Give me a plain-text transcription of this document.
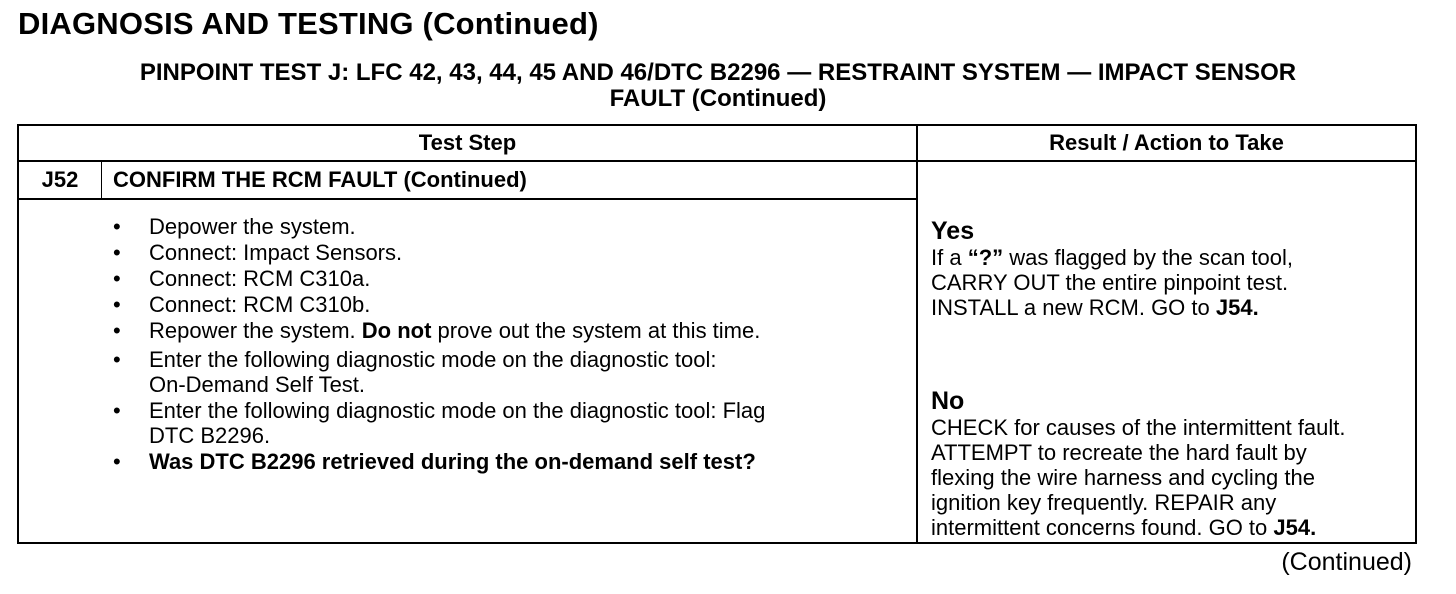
DIAGNOSIS AND TESTING (Continued)
PINPOINT TEST J: LFC 42, 43, 44, 45 AND 46/DTC B2296 — RESTRAINT SYSTEM — IMPACT SENSOR
FAULT (Continued)
Test Step	Result / Action to Take
J52	CONFIRM THE RCM FAULT (Continued)
• Depower the system.
• Connect: Impact Sensors.
• Connect: RCM C310a.
• Connect: RCM C310b.
• Repower the system. Do not prove out the system at this time.
• Enter the following diagnostic mode on the diagnostic tool:
On-Demand Self Test.
• Enter the following diagnostic mode on the diagnostic tool: Flag
DTC B2296.
• Was DTC B2296 retrieved during the on-demand self test?
Yes
If a “?” was flagged by the scan tool,
CARRY OUT the entire pinpoint test.
INSTALL a new RCM. GO to J54.
No
CHECK for causes of the intermittent fault.
ATTEMPT to recreate the hard fault by
flexing the wire harness and cycling the
ignition key frequently. REPAIR any
intermittent concerns found. GO to J54.
(Continued)
